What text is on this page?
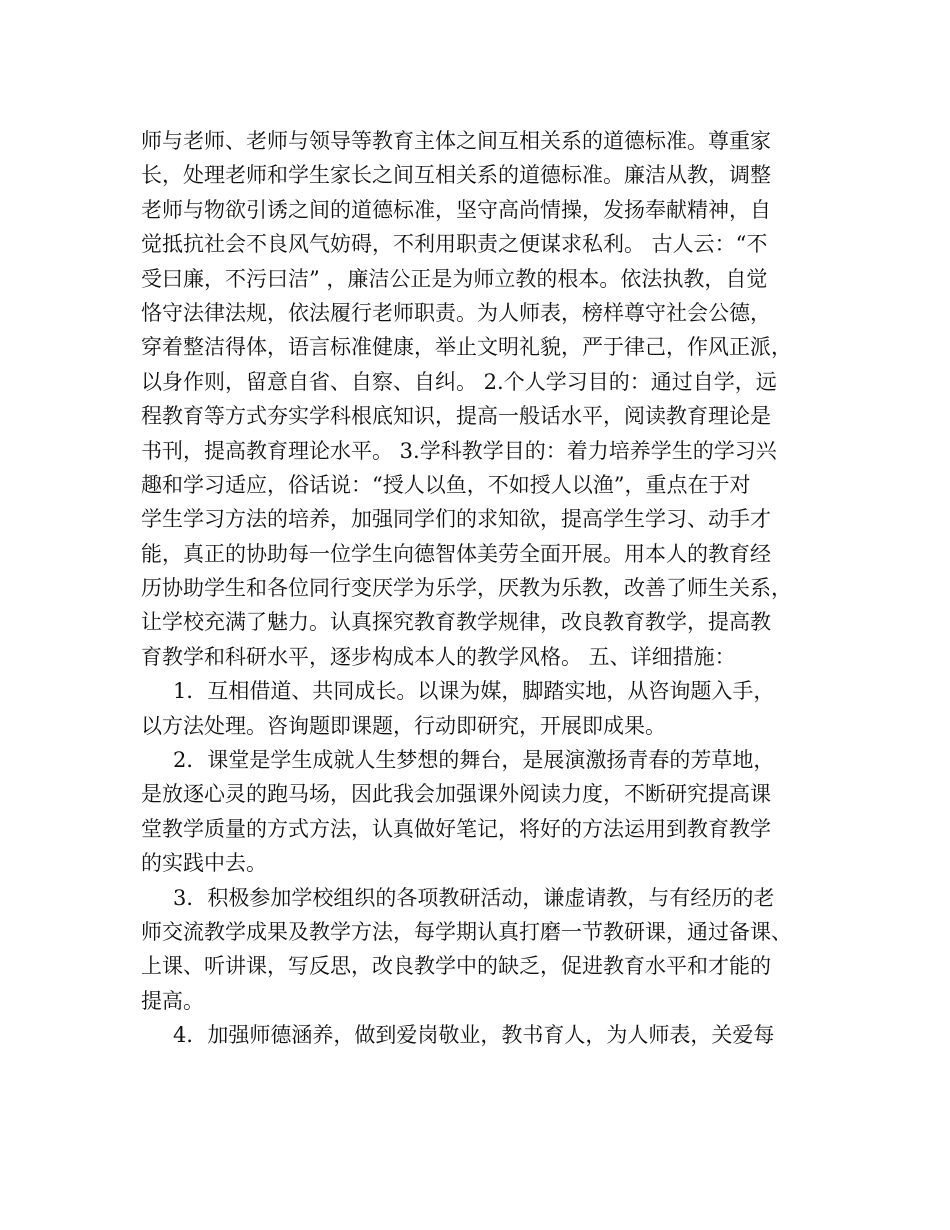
师与老师、老师与领导等教育主体之间互相关系的道德标准。尊重家
长，处理老师和学生家长之间互相关系的道德标准。廉洁从教，调整
老师与物欲引诱之间的道德标准，坚守高尚情操，发扬奉献精神，自
觉抵抗社会不良风气妨碍，不利用职责之便谋求私利。 古人云：“不
受曰廉，不污曰洁” ，廉洁公正是为师立教的根本。依法执教，自觉
恪守法律法规，依法履行老师职责。为人师表，榜样尊守社会公德，
穿着整洁得体，语言标准健康，举止文明礼貌，严于律己，作风正派，
以身作则，留意自省、自察、自纠。 2.个人学习目的：通过自学，远
程教育等方式夯实学科根底知识，提高一般话水平，阅读教育理论是
书刊，提高教育理论水平。 3.学科教学目的：着力培养学生的学习兴
趣和学习适应，俗话说：“授人以鱼，不如授人以渔”，重点在于对
学生学习方法的培养，加强同学们的求知欲，提高学生学习、动手才
能，真正的协助每一位学生向德智体美劳全面开展。用本人的教育经
历协助学生和各位同行变厌学为乐学，厌教为乐教，改善了师生关系，
让学校充满了魅力。认真探究教育教学规律，改良教育教学，提高教
育教学和科研水平，逐步构成本人的教学风格。 五、详细措施：
1．互相借道、共同成长。以课为媒，脚踏实地，从咨询题入手，
以方法处理。咨询题即课题，行动即研究，开展即成果。
2．课堂是学生成就人生梦想的舞台，是展演激扬青春的芳草地，
是放逐心灵的跑马场，因此我会加强课外阅读力度，不断研究提高课
堂教学质量的方式方法，认真做好笔记，将好的方法运用到教育教学
的实践中去。
3．积极参加学校组织的各项教研活动，谦虚请教，与有经历的老
师交流教学成果及教学方法，每学期认真打磨一节教研课，通过备课、
上课、听讲课，写反思，改良教学中的缺乏，促进教育水平和才能的
提高。
4．加强师德涵养，做到爱岗敬业，教书育人，为人师表，关爱每
